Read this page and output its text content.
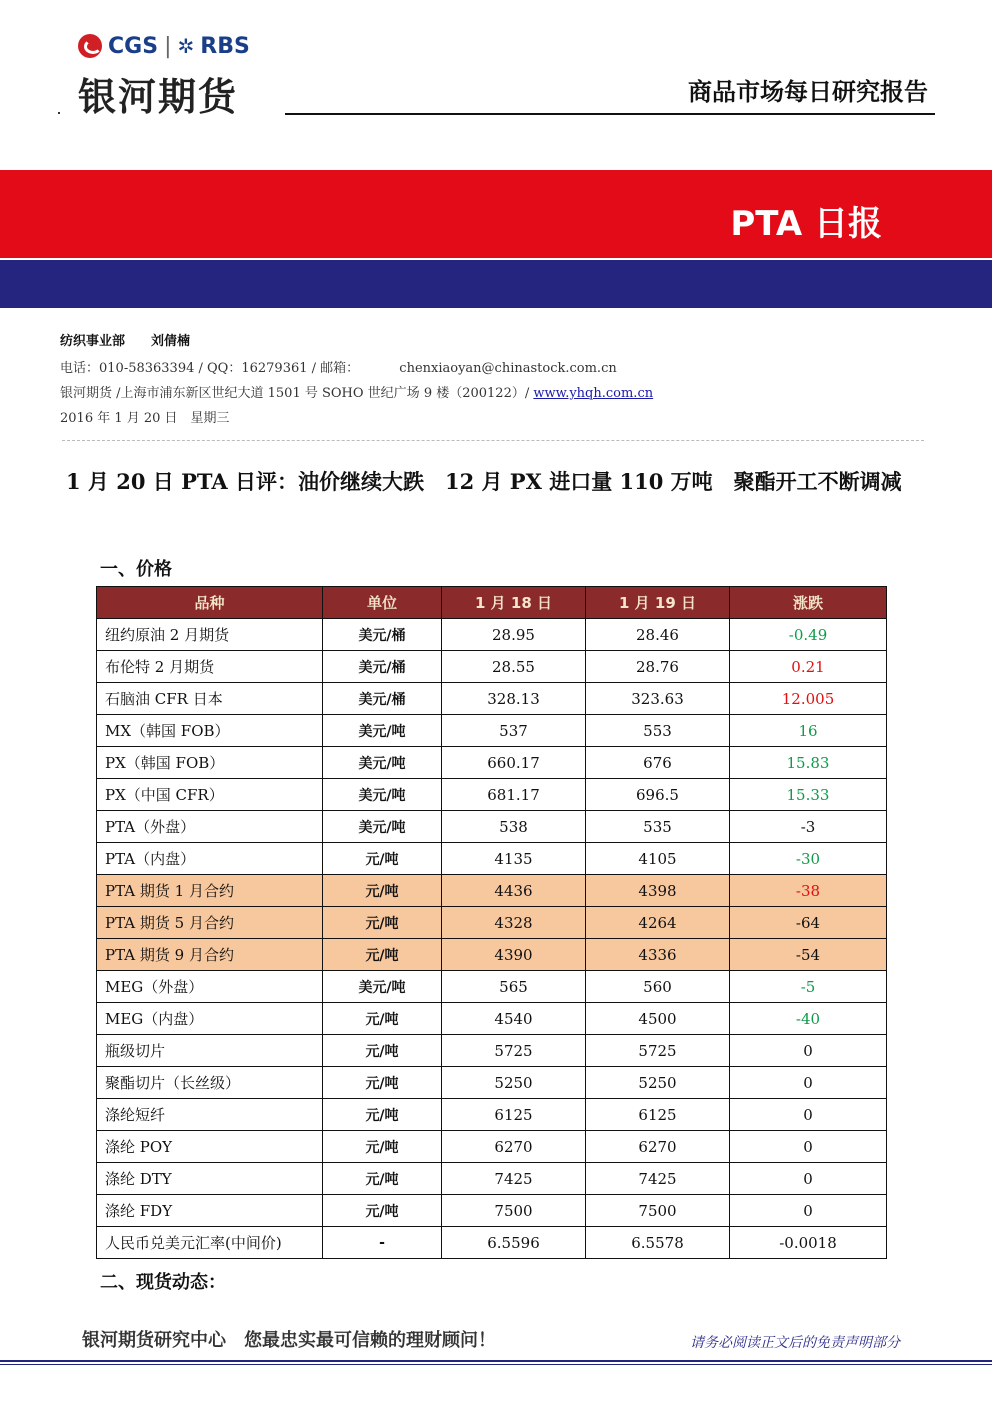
CGS | ✲ RBS
银河期货	商品市场每日研究报告
PTA 日报
纺织事业部　　刘倩楠
电话：010-58363394 / QQ：16279361 / 邮箱：	chenxiaoyan@chinastock.com.cn
银河期货 /上海市浦东新区世纪大道 1501 号 SOHO 世纪广场 9 楼（200122）/ www.yhqh.com.cn
2016 年 1 月 20 日　星期三
1 月 20 日 PTA 日评：油价继续大跌　12 月 PX 进口量 110 万吨　聚酯开工不断调减
一、价格
品种	单位	1 月 18 日	1 月 19 日	涨跌
纽约原油 2 月期货	美元/桶	28.95	28.46	-0.49
布伦特 2 月期货	美元/桶	28.55	28.76	0.21
石脑油 CFR 日本	美元/桶	328.13	323.63	12.005
MX（韩国 FOB）	美元/吨	537	553	16
PX（韩国 FOB）	美元/吨	660.17	676	15.83
PX（中国 CFR）	美元/吨	681.17	696.5	15.33
PTA（外盘）	美元/吨	538	535	-3
PTA（内盘）	元/吨	4135	4105	-30
PTA 期货 1 月合约	元/吨	4436	4398	-38
PTA 期货 5 月合约	元/吨	4328	4264	-64
PTA 期货 9 月合约	元/吨	4390	4336	-54
MEG（外盘）	美元/吨	565	560	-5
MEG（内盘）	元/吨	4540	4500	-40
瓶级切片	元/吨	5725	5725	0
聚酯切片（长丝级）	元/吨	5250	5250	0
涤纶短纤	元/吨	6125	6125	0
涤纶 POY	元/吨	6270	6270	0
涤纶 DTY	元/吨	7425	7425	0
涤纶 FDY	元/吨	7500	7500	0
人民币兑美元汇率(中间价)	-	6.5596	6.5578	-0.0018
二、现货动态：
银河期货研究中心　您最忠实最可信赖的理财顾问！	请务必阅读正文后的免责声明部分
